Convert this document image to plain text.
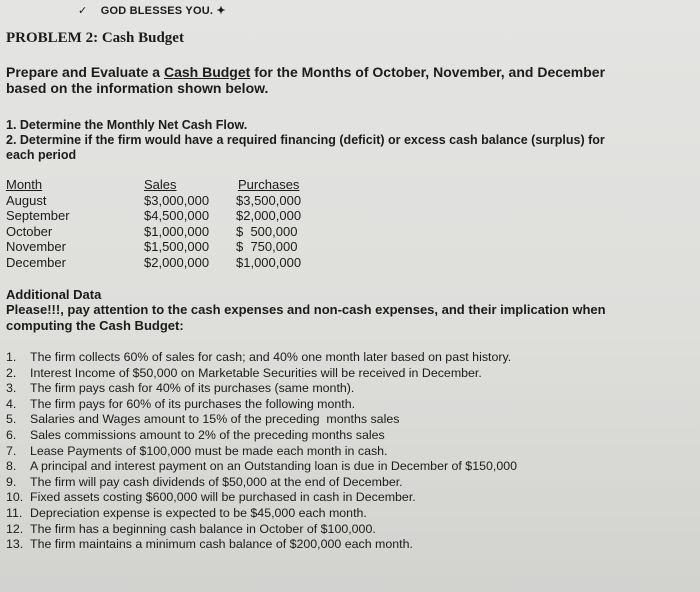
✓ GOD BLESSES YOU. ✦
PROBLEM 2: Cash Budget
Prepare and Evaluate a Cash Budget for the Months of October, November, and December
based on the information shown below.
1. Determine the Monthly Net Cash Flow.
2. Determine if the firm would have a required financing (deficit) or excess cash balance (surplus) for
each period
Month	Sales	Purchases
August	$3,000,000	$3,500,000
September	$4,500,000	$2,000,000
October	$1,000,000	$  500,000
November	$1,500,000	$  750,000
December	$2,000,000	$1,000,000
Additional Data
Please!!!, pay attention to the cash expenses and non-cash expenses, and their implication when
computing the Cash Budget:
1. The firm collects 60% of sales for cash; and 40% one month later based on past history.
2. Interest Income of $50,000 on Marketable Securities will be received in December.
3. The firm pays cash for 40% of its purchases (same month).
4. The firm pays for 60% of its purchases the following month.
5. Salaries and Wages amount to 15% of the preceding  months sales
6. Sales commissions amount to 2% of the preceding months sales
7. Lease Payments of $100,000 must be made each month in cash.
8. A principal and interest payment on an Outstanding loan is due in December of $150,000
9. The firm will pay cash dividends of $50,000 at the end of December.
10. Fixed assets costing $600,000 will be purchased in cash in December.
11. Depreciation expense is expected to be $45,000 each month.
12. The firm has a beginning cash balance in October of $100,000.
13. The firm maintains a minimum cash balance of $200,000 each month.
